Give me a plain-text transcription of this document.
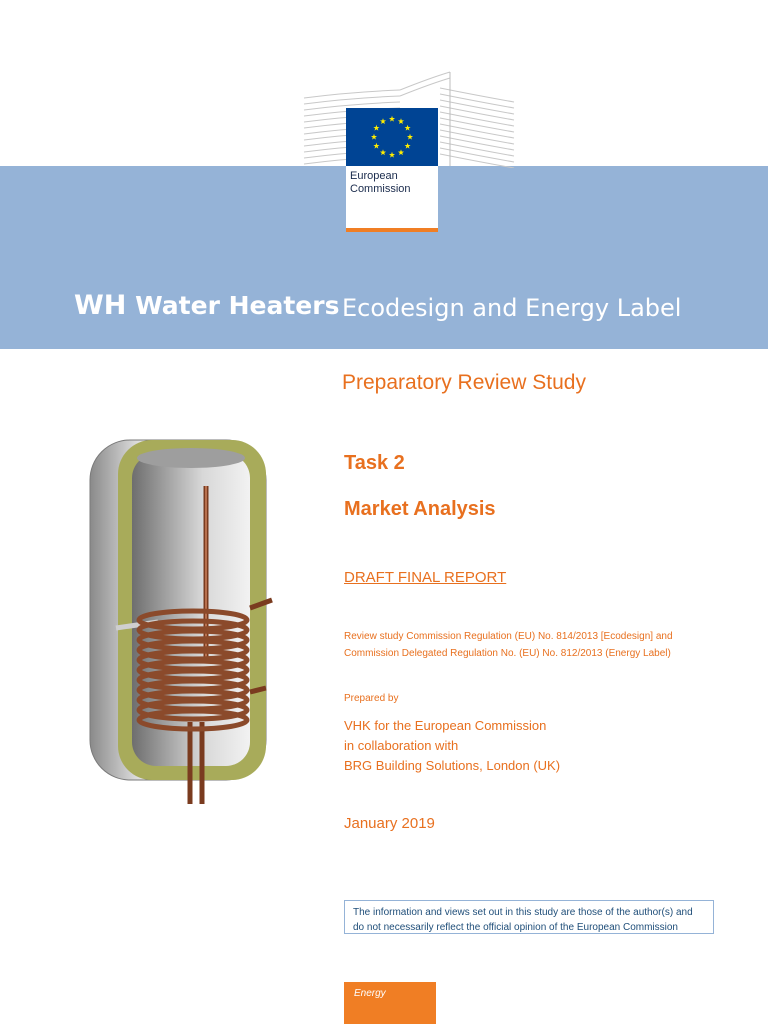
European
Commission
WH Water Heaters Ecodesign and Energy Label
Preparatory Review Study
Task 2
Market Analysis
DRAFT FINAL REPORT
Review study Commission Regulation (EU) No. 814/2013 [Ecodesign] and
Commission Delegated Regulation No. (EU) No. 812/2013 (Energy Label)
Prepared by
VHK for the European Commission
in collaboration with
BRG Building Solutions, London (UK)
January 2019
The information and views set out in this study are those of the author(s) and
do not necessarily reflect the official opinion of the European Commission
Energy
